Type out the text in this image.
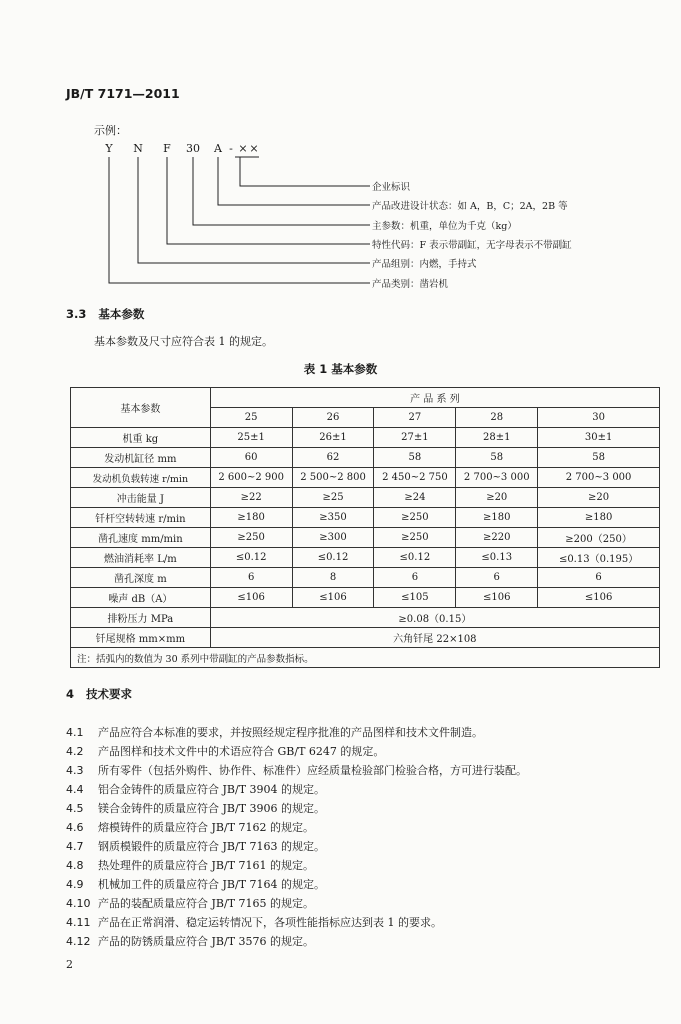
JB/T 7171—2011
示例：
Y	N F 30 A - × ×
企业标识
产品改进设计状态：如 A，B，C；2A，2B 等
主参数：机重，单位为千克（kg）
特性代码：F 表示带副缸，无字母表示不带副缸
产品组别：内燃，手持式
产品类别：凿岩机
3.3 基本参数
基本参数及尺寸应符合表 1 的规定。
表 1 基本参数
基本参数	产 品 系 列				
	25	26	27	28	30
机重 kg	25±1	26±1	27±1	28±1	30±1
发动机缸径 mm	60	62	58	58	58
发动机负载转速 r/min	2 600~2 900	2 500~2 800	2 450~2 750	2 700~3 000	2 700~3 000
冲击能量 J	≥22	≥25	≥24	≥20	≥20
钎杆空转转速 r/min	≥180	≥350	≥250	≥180	≥180
凿孔速度 mm/min	≥250	≥300	≥250	≥220	≥200（250）
燃油消耗率 L/m	≤0.12	≤0.12	≤0.12	≤0.13	≤0.13（0.195）
凿孔深度 m	6	8	6	6	6
噪声 dB（A）	≤106	≤106	≤105	≤106	≤106
排粉压力 MPa	≥0.08（0.15）				
钎尾规格 mm×mm	六角钎尾 22×108				
注：括弧内的数值为 30 系列中带副缸的产品参数指标。					
4 技术要求
4.1 产品应符合本标准的要求，并按照经规定程序批准的产品图样和技术文件制造。
4.2 产品图样和技术文件中的术语应符合 GB/T 6247 的规定。
4.3 所有零件（包括外购件、协作件、标准件）应经质量检验部门检验合格，方可进行装配。
4.4 铝合金铸件的质量应符合 JB/T 3904 的规定。
4.5 镁合金铸件的质量应符合 JB/T 3906 的规定。
4.6 熔模铸件的质量应符合 JB/T 7162 的规定。
4.7 钢质模锻件的质量应符合 JB/T 7163 的规定。
4.8 热处理件的质量应符合 JB/T 7161 的规定。
4.9 机械加工件的质量应符合 JB/T 7164 的规定。
4.10 产品的装配质量应符合 JB/T 7165 的规定。
4.11 产品在正常润滑、稳定运转情况下，各项性能指标应达到表 1 的要求。
4.12 产品的防锈质量应符合 JB/T 3576 的规定。
2
